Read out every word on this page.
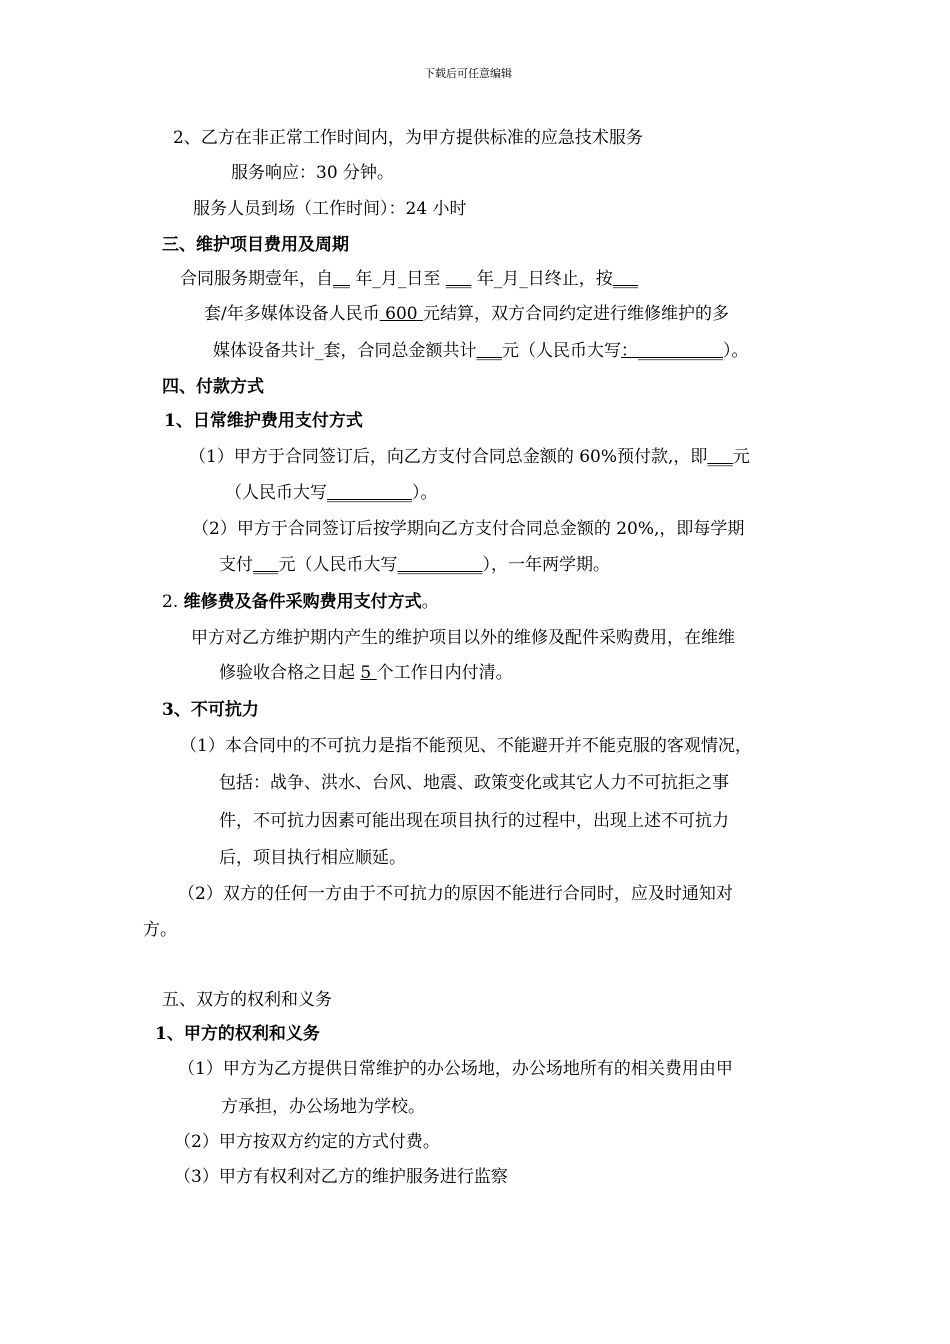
下载后可任意编辑
2、乙方在非正常工作时间内，为甲方提供标准的应急技术服务
服务响应：30 分钟。
服务人员到场（工作时间）：24 小时
三、维护项目费用及周期
合同服务期壹年，自__ 年_月_日至 ___ 年_月_日终止，按___
套/年多媒体设备人民币 600 元结算，双方合同约定进行维修维护的多
媒体设备共计_套，合同总金额共计___元（人民币大写：__________）。
四、付款方式
1、日常维护费用支付方式
（1）甲方于合同签订后，向乙方支付合同总金额的 60%预付款,，即___元
（人民币大写__________）。
（2）甲方于合同签订后按学期向乙方支付合同总金额的 20%,，即每学期
支付___元（人民币大写__________），一年两学期。
2. 维修费及备件采购费用支付方式。
甲方对乙方维护期内产生的维护项目以外的维修及配件采购费用，在维维
修验收合格之日起 5 个工作日内付清。
3、不可抗力
（1）本合同中的不可抗力是指不能预见、不能避开并不能克服的客观情况，
包括：战争、洪水、台风、地震、政策变化或其它人力不可抗拒之事
件，不可抗力因素可能出现在项目执行的过程中，出现上述不可抗力
后，项目执行相应顺延。
（2）双方的任何一方由于不可抗力的原因不能进行合同时，应及时通知对
方。
五、双方的权利和义务
1、甲方的权利和义务
（1）甲方为乙方提供日常维护的办公场地，办公场地所有的相关费用由甲
方承担，办公场地为学校。
（2）甲方按双方约定的方式付费。
（3）甲方有权利对乙方的维护服务进行监察
